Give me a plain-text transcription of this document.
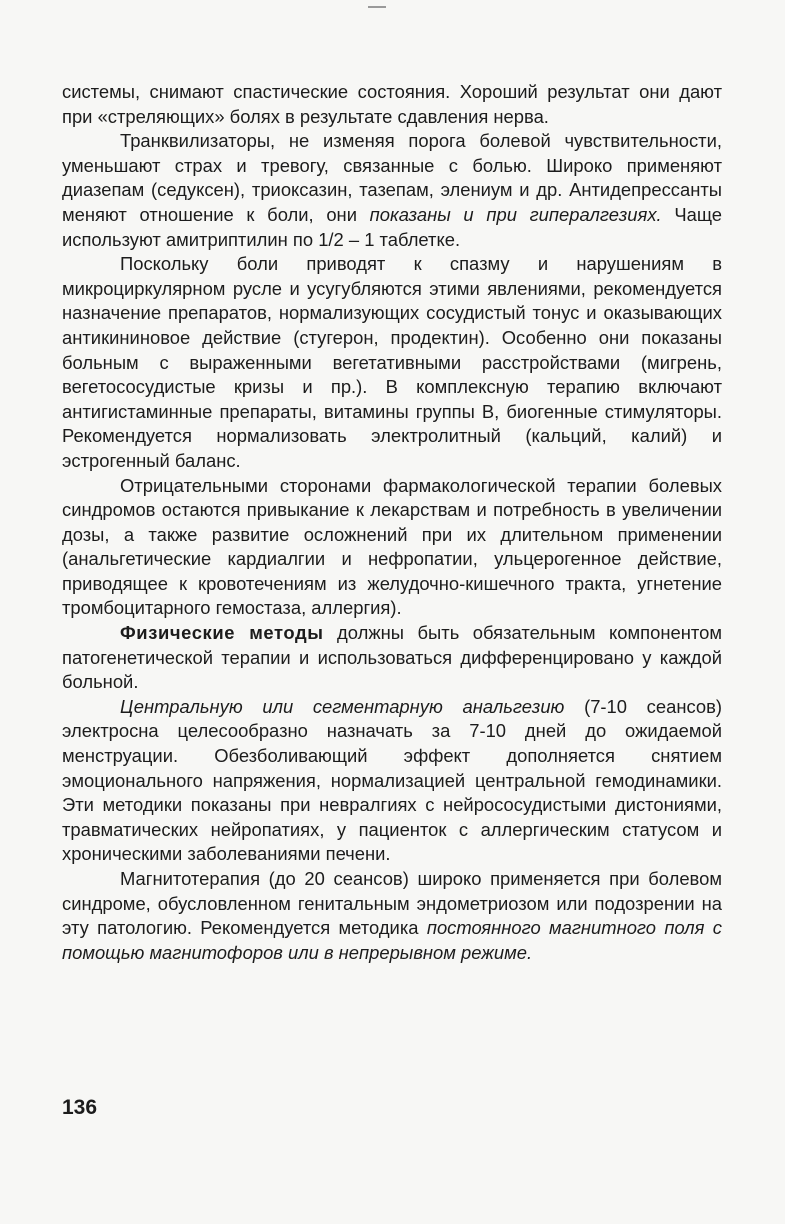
системы, снимают спастические состояния. Хороший результат они дают при «стреляющих» болях в результате сдавления нерва.

Транквилизаторы, не изменяя порога болевой чувствительности, уменьшают страх и тревогу, связанные с болью. Широко применяют диазепам (седуксен), триоксазин, тазепам, элениум и др. Антидепрессанты меняют отношение к боли, они показаны и при гипералгезиях. Чаще используют амитриптилин по 1/2 – 1 таблетке.

Поскольку боли приводят к спазму и нарушениям в микроциркулярном русле и усугубляются этими явлениями, рекомендуется назначение препаратов, нормализующих сосудистый тонус и оказывающих антикининовое действие (стугерон, продектин). Особенно они показаны больным с выраженными вегетативными расстройствами (мигрень, вегетососудистые кризы и пр.). В комплексную терапию включают антигистаминные препараты, витамины группы В, биогенные стимуляторы. Рекомендуется нормализовать электролитный (кальций, калий) и эстрогенный баланс.

Отрицательными сторонами фармакологической терапии болевых синдромов остаются привыкание к лекарствам и потребность в увеличении дозы, а также развитие осложнений при их длительном применении (анальгетические кардиалгии и нефропатии, ульцерогенное действие, приводящее к кровотечениям из желудочно-кишечного тракта, угнетение тромбоцитарного гемостаза, аллергия).

Физические методы должны быть обязательным компонентом патогенетической терапии и использоваться дифференцировано у каждой больной.

Центральную или сегментарную анальгезию (7-10 сеансов) электросна целесообразно назначать за 7-10 дней до ожидаемой менструации. Обезболивающий эффект дополняется снятием эмоционального напряжения, нормализацией центральной гемодинамики. Эти методики показаны при невралгиях с нейрососудистыми дистониями, травматических нейропатиях, у пациенток с аллергическим статусом и хроническими заболеваниями печени.

Магнитотерапия (до 20 сеансов) широко применяется при болевом синдроме, обусловленном генитальным эндометриозом или подозрении на эту патологию. Рекомендуется методика постоянного магнитного поля с помощью магнитофоров или в непрерывном режиме.

136
